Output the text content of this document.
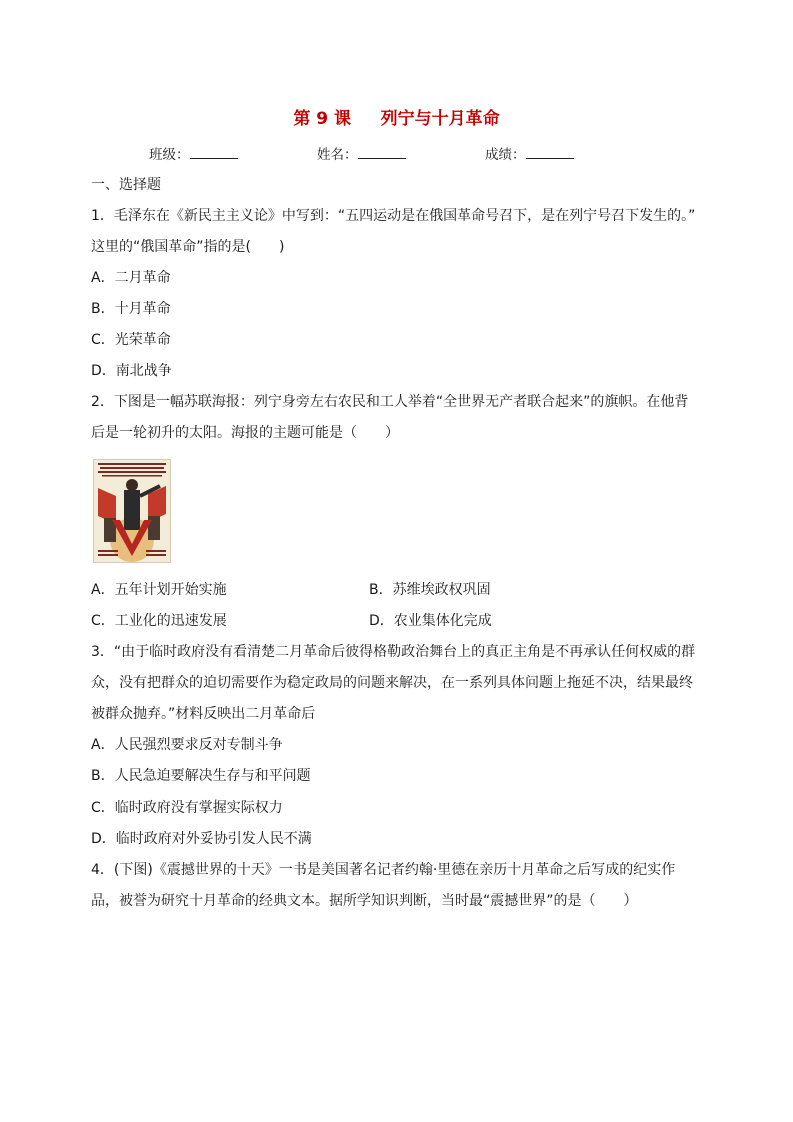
第 9 课     列宁与十月革命
班级：	姓名：	成绩：
一、选择题
1．毛泽东在《新民主主义论》中写到：“五四运动是在俄国革命号召下，是在列宁号召下发生的。”
这里的“俄国革命”指的是(　　)
A．二月革命
B．十月革命
C．光荣革命
D．南北战争
2．下图是一幅苏联海报：列宁身旁左右农民和工人举着“全世界无产者联合起来”的旗帜。在他背
后是一轮初升的太阳。海报的主题可能是（　　）
A．五年计划开始实施	B．苏维埃政权巩固
C．工业化的迅速发展	D．农业集体化完成
3．“由于临时政府没有看清楚二月革命后彼得格勒政治舞台上的真正主角是不再承认任何权威的群
众，没有把群众的迫切需要作为稳定政局的问题来解决，在一系列具体问题上拖延不决，结果最终
被群众抛弃。”材料反映出二月革命后
A．人民强烈要求反对专制斗争
B．人民急迫要解决生存与和平问题
C．临时政府没有掌握实际权力
D．临时政府对外妥协引发人民不满
4．(下图)《震撼世界的十天》一书是美国著名记者约翰·里德在亲历十月革命之后写成的纪实作
品，被誉为研究十月革命的经典文本。据所学知识判断，当时最“震撼世界”的是（　　）
